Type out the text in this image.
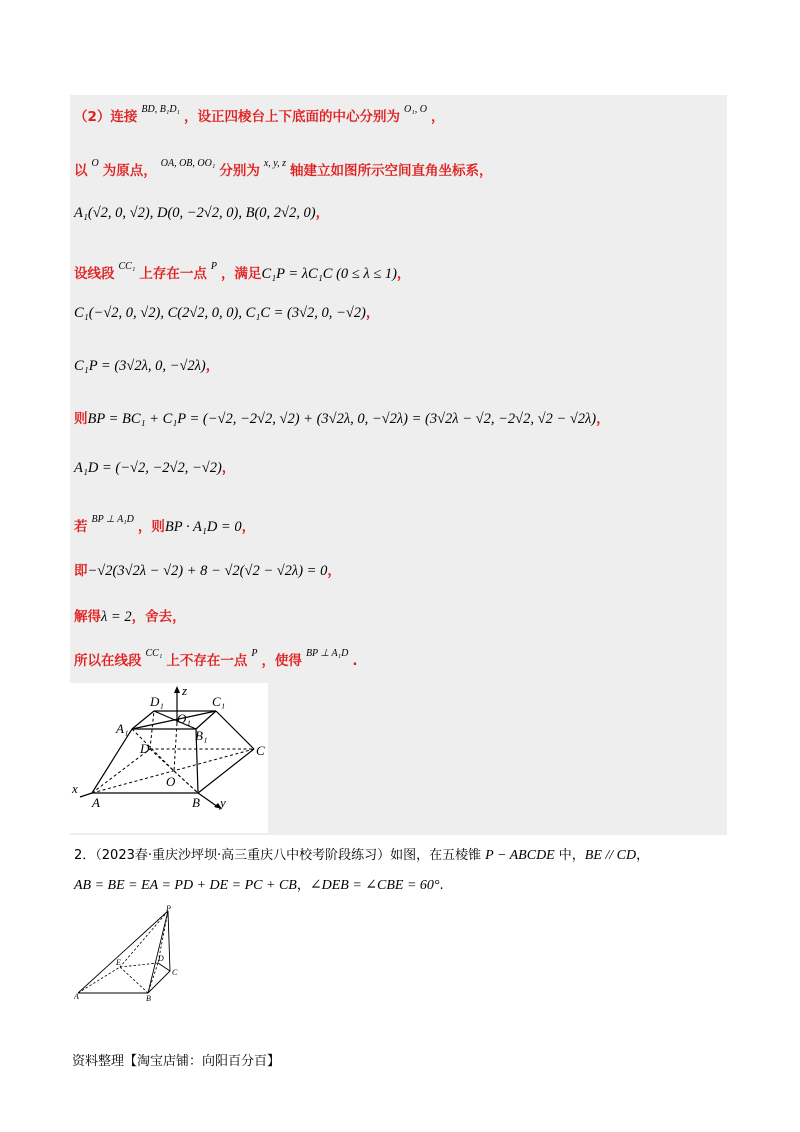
（2）连接 $^{BD, B_1D_1}$ ，设正四棱台上下底面的中心分别为 $^{O_1, O}$ ，
以 $^O$ 为原点， $^{OA, OB, OO_1}$ 分别为 $^{x, y, z}$ 轴建立如图所示空间直角坐标系，
A₁(√2, 0, √2), D(0, −2√2, 0), B(0, 2√2, 0)，
设线段 $^{CC_1}$ 上存在一点 $^P$ ，满足C₁P = λC₁C (0 ≤ λ ≤ 1)，
C₁(−√2, 0, √2), C(2√2, 0, 0), C₁C = (3√2, 0, −√2)，
C₁P = (3√2λ, 0, −√2λ)，
则BP = BC₁ + C₁P = (−√2, −2√2, √2) + (3√2λ, 0, −√2λ) = (3√2λ − √2, −2√2, √2 − √2λ)，
A₁D = (−√2, −2√2, −√2)，
若 $^{BP \perp A_1D}$ ，则BP · A₁D = 0，
即−√2(3√2λ − √2) + 8 − √2(√2 − √2λ) = 0，
解得λ = 2，舍去，
所以在线段 $^{CC_1}$ 上不存在一点 $^P$ ，使得 $^{BP \perp A_1D}$ .
D₁	C₁
A₁
O₁
B₁
D	C
A
O
B
x
y
z
2．（2023春·重庆沙坪坝·高三重庆八中校考阶段练习）如图，在五棱锥 P − ABCDE 中，BE // CD，
AB = BE = EA = PD + DE = PC + CB，∠DEB = ∠CBE = 60°.
P
E	D
C
A	B
资料整理【淘宝店铺：向阳百分百】
